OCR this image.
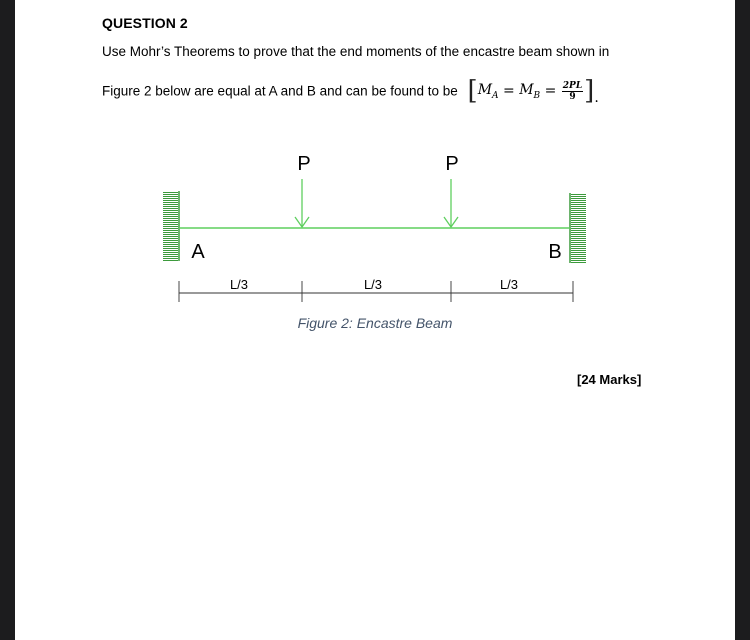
QUESTION 2
Use Mohr’s Theorems to prove that the end moments of the encastre beam shown in
Figure 2 below are equal at A and B and can be found to be [$M_A = M_B = \frac{2PL}{9}$ ].
P	P
A	B
L/3	L/3	L/3
Figure 2: Encastre Beam
[24 Marks]
